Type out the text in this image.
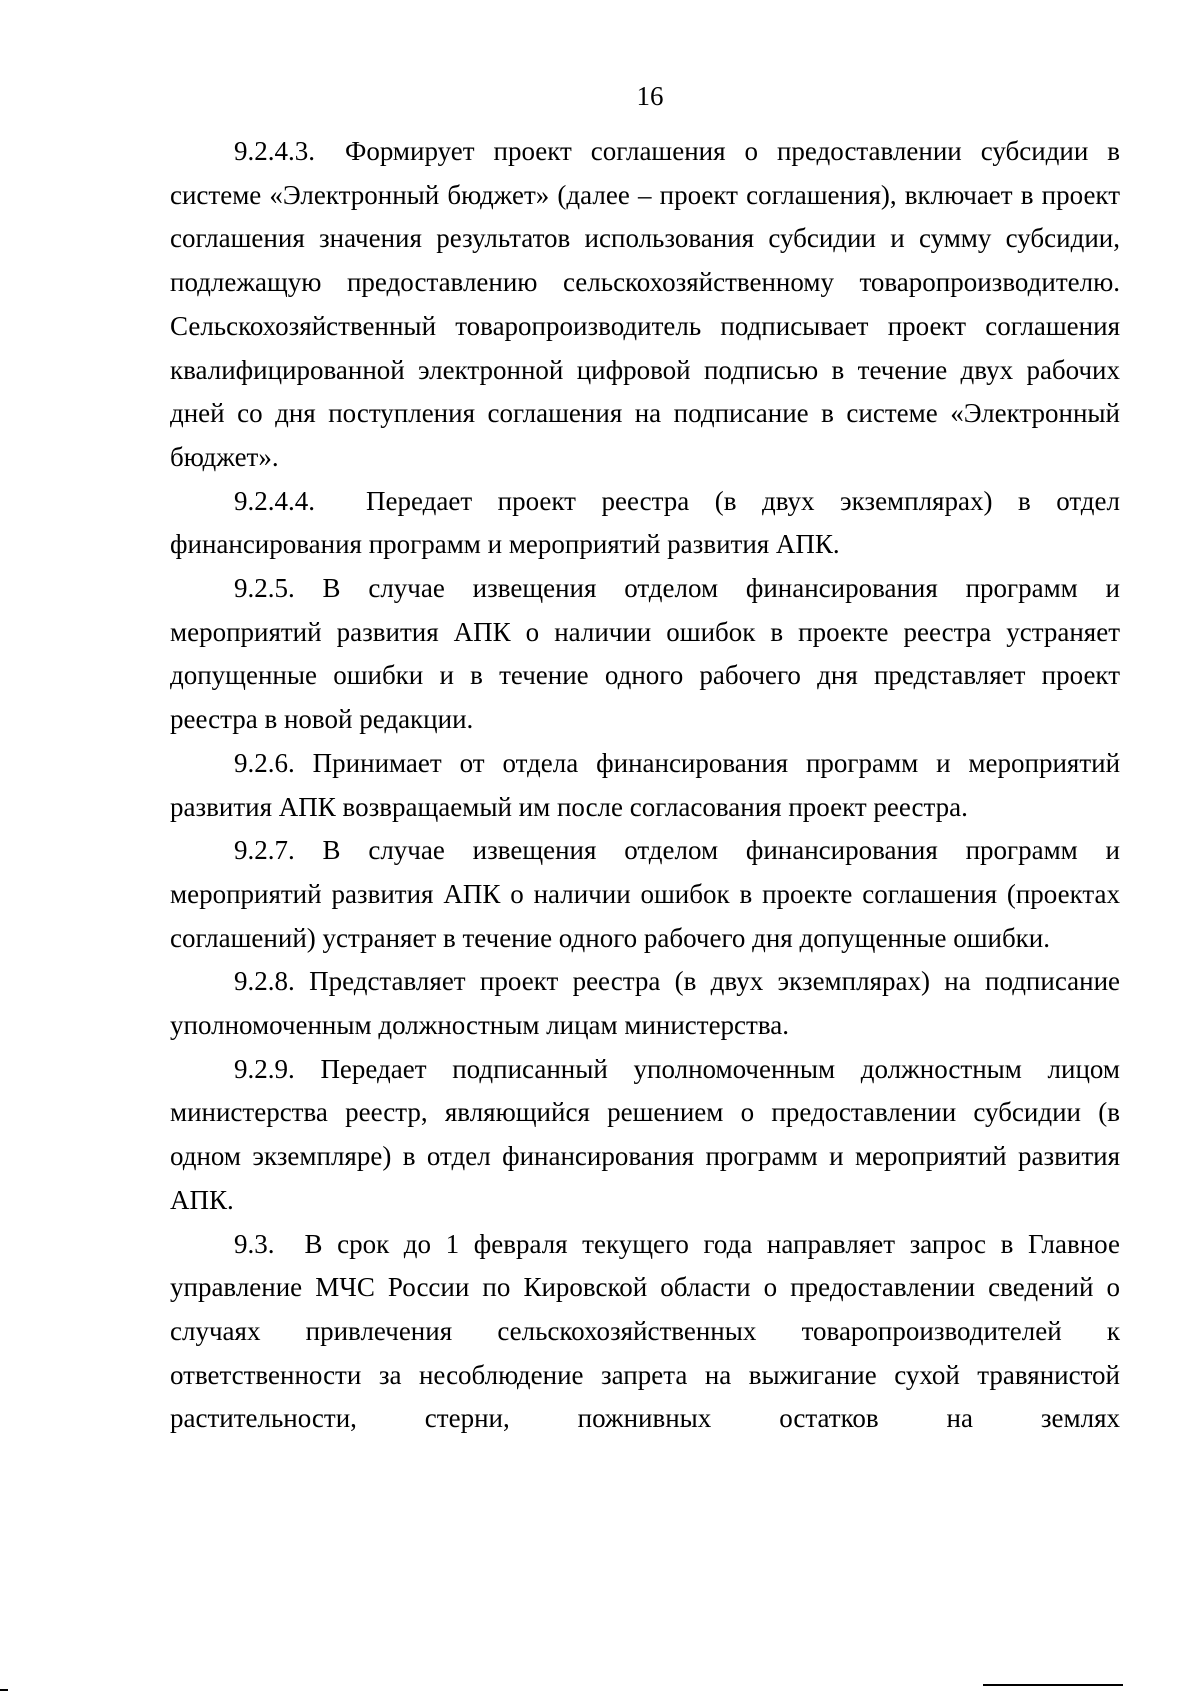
16

9.2.4.3. Формирует проект соглашения о предоставлении субсидии в системе «Электронный бюджет» (далее – проект соглашения), включает в проект соглашения значения результатов использования субсидии и сумму субсидии, подлежащую предоставлению сельскохозяйственному товаропроизводителю. Сельскохозяйственный товаропроизводитель подписывает проект соглашения квалифицированной электронной цифровой подписью в течение двух рабочих дней со дня поступления соглашения на подписание в системе «Электронный бюджет».

9.2.4.4. Передает проект реестра (в двух экземплярах) в отдел финансирования программ и мероприятий развития АПК.

9.2.5. В случае извещения отделом финансирования программ и мероприятий развития АПК о наличии ошибок в проекте реестра устраняет допущенные ошибки и в течение одного рабочего дня представляет проект реестра в новой редакции.

9.2.6. Принимает от отдела финансирования программ и мероприятий развития АПК возвращаемый им после согласования проект реестра.

9.2.7. В случае извещения отделом финансирования программ и мероприятий развития АПК о наличии ошибок в проекте соглашения (проектах соглашений) устраняет в течение одного рабочего дня допущенные ошибки.

9.2.8. Представляет проект реестра (в двух экземплярах) на подписание уполномоченным должностным лицам министерства.

9.2.9. Передает подписанный уполномоченным должностным лицом министерства реестр, являющийся решением о предоставлении субсидии (в одном экземпляре) в отдел финансирования программ и мероприятий развития АПК.

9.3. В срок до 1 февраля текущего года направляет запрос в Главное управление МЧС России по Кировской области о предоставлении сведений о случаях привлечения сельскохозяйственных товаропроизводителей к ответственности за несоблюдение запрета на выжигание сухой травянистой растительности, стерни, пожнивных остатков на землях
